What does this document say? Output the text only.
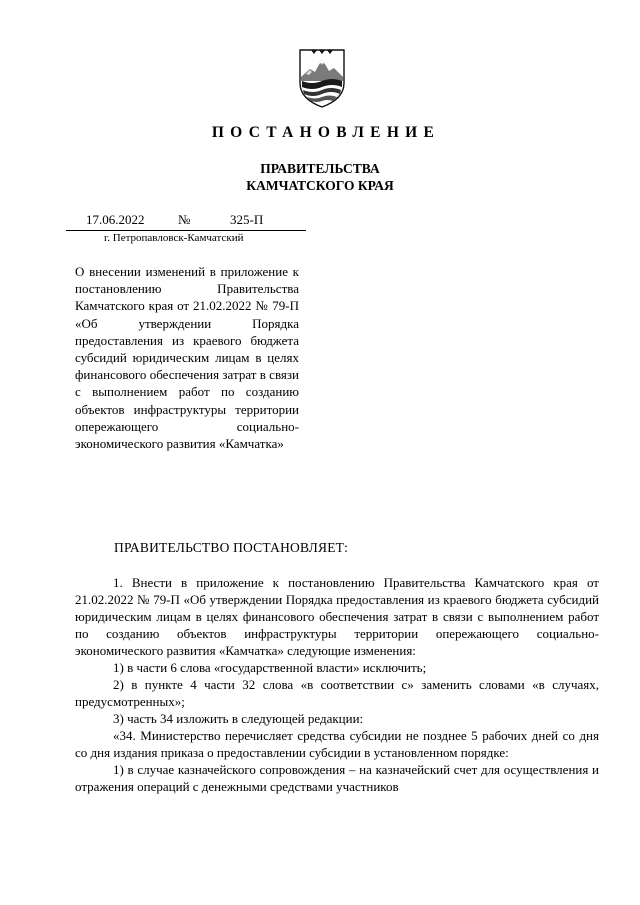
ПОСТАНОВЛЕНИЕ
ПРАВИТЕЛЬСТВА
КАМЧАТСКОГО КРАЯ
17.06.2022	№	325-П
г. Петропавловск-Камчатский
О внесении изменений в приложение к постановлению Правительства Камчатского края от 21.02.2022 № 79-П «Об утверждении Порядка предоставления из краевого бюджета субсидий юридическим лицам в целях финансового обеспечения затрат в связи с выполнением работ по созданию объектов инфраструктуры территории опережающего социально-экономического развития «Камчатка»
ПРАВИТЕЛЬСТВО ПОСТАНОВЛЯЕТ:

1. Внести в приложение к постановлению Правительства Камчатского края от 21.02.2022 № 79-П «Об утверждении Порядка предоставления из краевого бюджета субсидий юридическим лицам в целях финансового обеспечения затрат в связи с выполнением работ по созданию объектов инфраструктуры территории опережающего социально-экономического развития «Камчатка» следующие изменения:

1) в части 6 слова «государственной власти» исключить;

2) в пункте 4 части 32 слова «в соответствии с» заменить словами «в случаях, предусмотренных»;

3) часть 34 изложить в следующей редакции:

«34. Министерство перечисляет средства субсидии не позднее 5 рабочих дней со дня со дня издания приказа о предоставлении субсидии в установленном порядке:

1) в случае казначейского сопровождения – на казначейский счет для осуществления и отражения операций с денежными средствами участников
